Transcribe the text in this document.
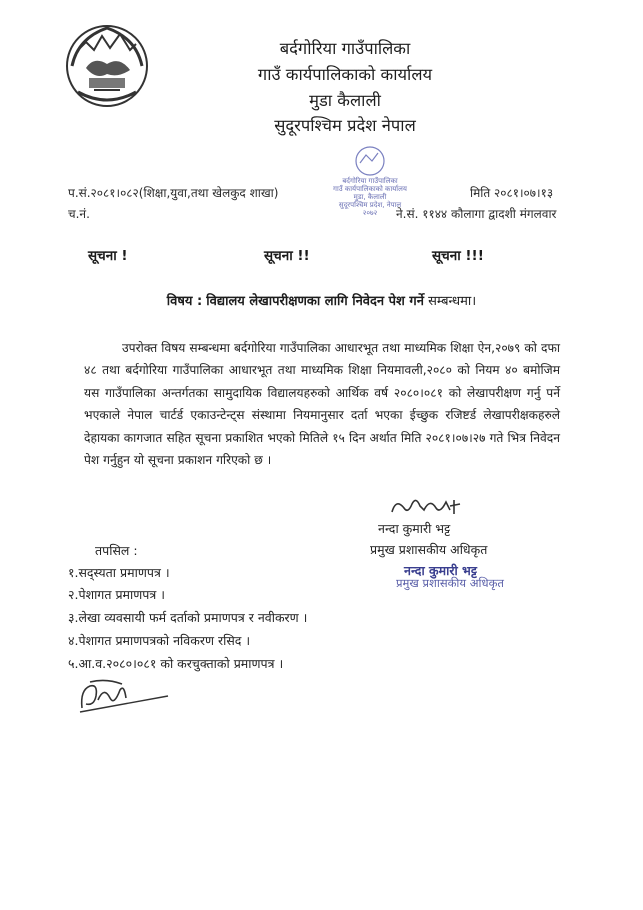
बर्दगोरिया गाउँपालिका
गाउँ कार्यपालिकाको कार्यालय
मुडा कैलाली
सुदूरपश्चिम प्रदेश नेपाल
बर्दगोरिया गाउँपालिका
गाउँ कार्यपालिकाको कार्यालय
मुडा, कैलाली
सुदूरपश्चिम प्रदेश, नेपाल
२०७२
प.सं.२०८१।०८२(शिक्षा,युवा,तथा खेलकुद शाखा)
च.नं.
मिति २०८१।०७।१३
ने.सं. ११४४ कौलागा द्वादशी मंगलवार
सूचना !	सूचना !!	सूचना !!!
विषय : विद्यालय लेखापरीक्षणका लागि निवेदन पेश गर्ने सम्बन्धमा।
उपरोक्त विषय सम्बन्धमा बर्दगोरिया गाउँपालिका आधारभूत तथा माध्यमिक शिक्षा ऐन,२०७९ को दफा ४८ तथा बर्दगोरिया गाउँपालिका आधारभूत तथा माध्यमिक शिक्षा नियमावली,२०८० को नियम ४० बमोजिम यस गाउँपालिका अन्तर्गतका सामुदायिक विद्यालयहरुको आर्थिक वर्ष २०८०।०८१ को लेखापरीक्षण गर्नु पर्ने भएकाले नेपाल चार्टर्ड एकाउन्टेन्ट्स संस्थामा नियमानुसार दर्ता भएका ईच्छुक रजिष्टर्ड लेखापरीक्षकहरुले देहायका कागजात सहित सूचना प्रकाशित भएको मितिले १५ दिन अर्थात मिति २०८१।०७।२७ गते भित्र निवेदन पेश गर्नुहुन यो सूचना प्रकाशन गरिएको छ ।
नन्दा कुमारी भट्ट
प्रमुख प्रशासकीय अधिकृत
नन्दा कुमारी भट्ट
प्रमुख प्रशासकीय अधिकृत
तपसिल :
१.सद्स्यता प्रमाणपत्र ।
२.पेशागत प्रमाणपत्र ।
३.लेखा व्यवसायी फर्म दर्ताको प्रमाणपत्र र नवीकरण ।
४.पेशागत प्रमाणपत्रको नविकरण रसिद ।
५.आ.व.२०८०।०८१ को करचुक्ताको प्रमाणपत्र ।
